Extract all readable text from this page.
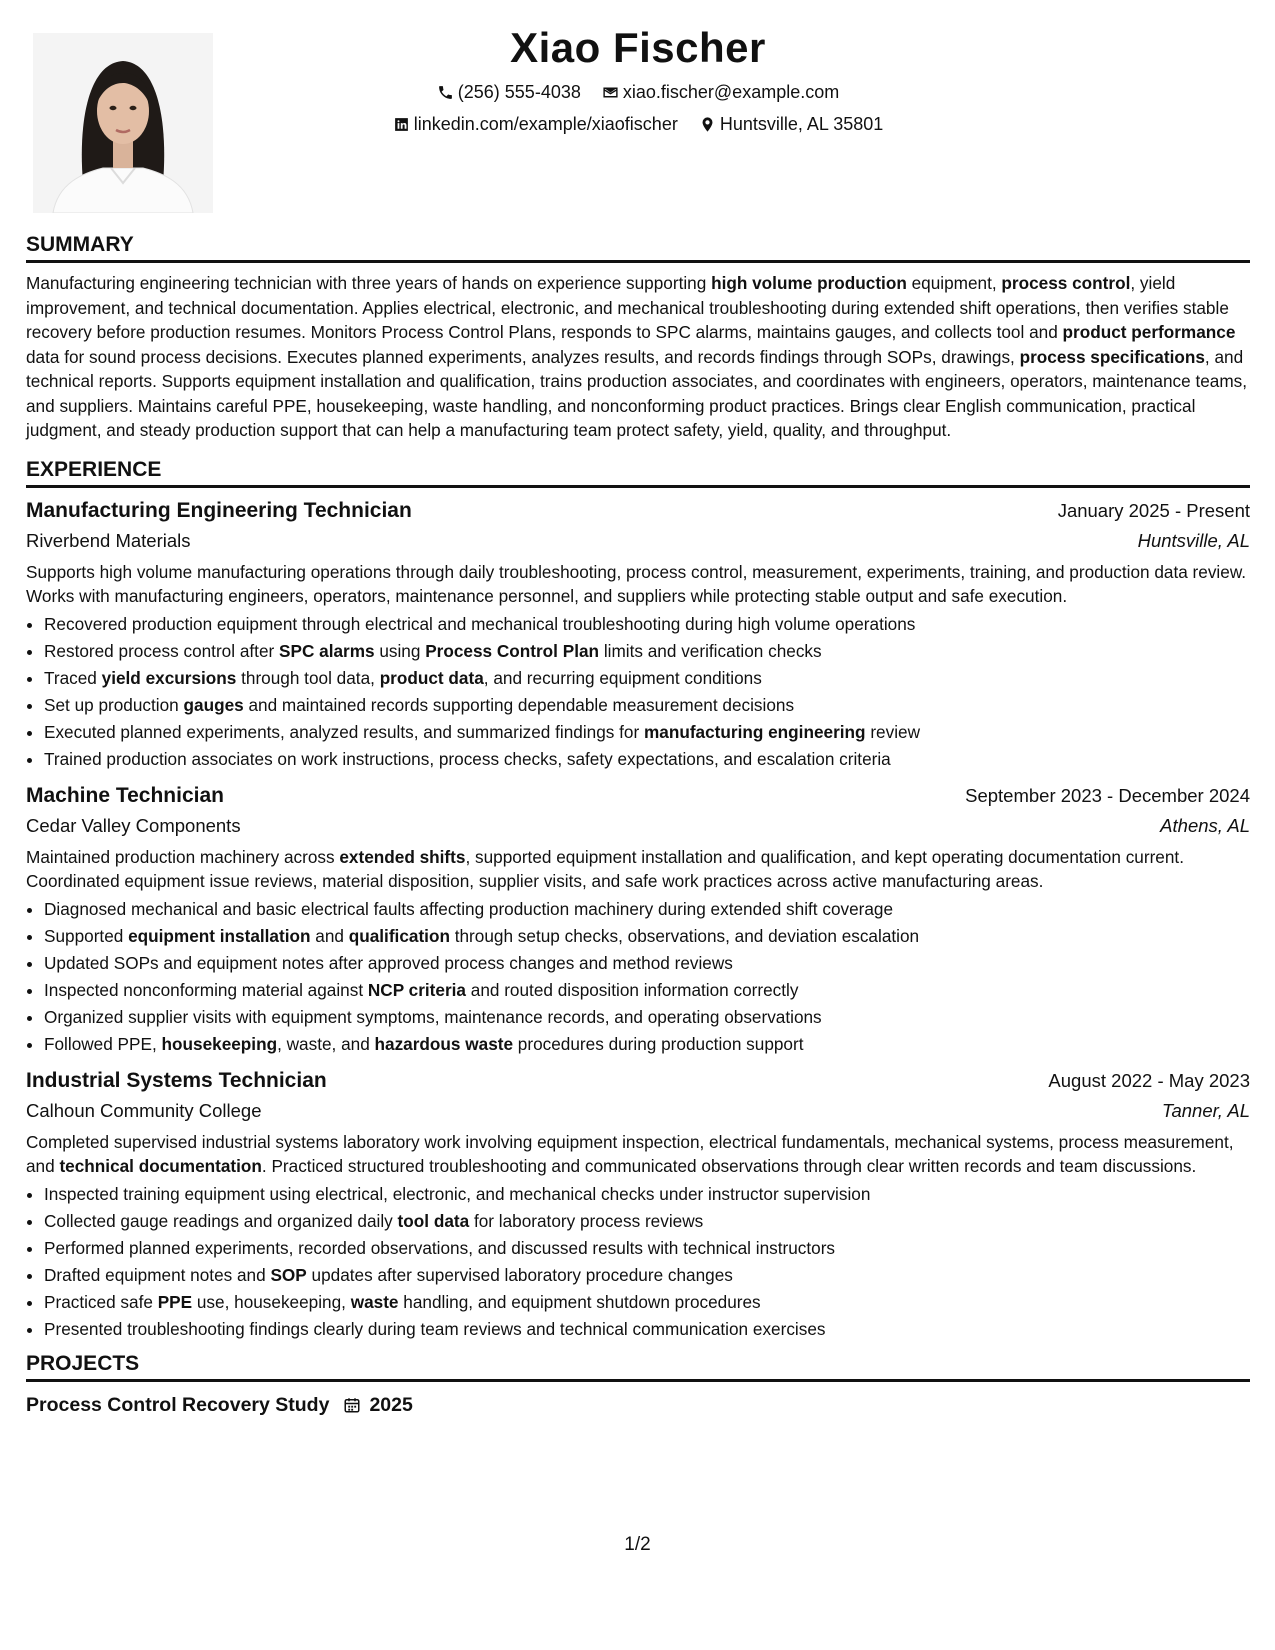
Xiao Fischer
(256) 555-4038
xiao.fischer@example.com
linkedin.com/example/xiaofischer
Huntsville, AL 35801
SUMMARY
Manufacturing engineering technician with three years of hands on experience supporting high volume production equipment, process control, yield improvement, and technical documentation. Applies electrical, electronic, and mechanical troubleshooting during extended shift operations, then verifies stable recovery before production resumes. Monitors Process Control Plans, responds to SPC alarms, maintains gauges, and collects tool and product performance data for sound process decisions. Executes planned experiments, analyzes results, and records findings through SOPs, drawings, process specifications, and technical reports. Supports equipment installation and qualification, trains production associates, and coordinates with engineers, operators, maintenance teams, and suppliers. Maintains careful PPE, housekeeping, waste handling, and nonconforming product practices. Brings clear English communication, practical judgment, and steady production support that can help a manufacturing team protect safety, yield, quality, and throughput.
EXPERIENCE
Manufacturing Engineering Technician	January 2025 - Present
Riverbend Materials	Huntsville, AL
Supports high volume manufacturing operations through daily troubleshooting, process control, measurement, experiments, training, and production data review. Works with manufacturing engineers, operators, maintenance personnel, and suppliers while protecting stable output and safe execution.
• Recovered production equipment through electrical and mechanical troubleshooting during high volume operations
• Restored process control after SPC alarms using Process Control Plan limits and verification checks
• Traced yield excursions through tool data, product data, and recurring equipment conditions
• Set up production gauges and maintained records supporting dependable measurement decisions
• Executed planned experiments, analyzed results, and summarized findings for manufacturing engineering review
• Trained production associates on work instructions, process checks, safety expectations, and escalation criteria
Machine Technician	September 2023 - December 2024
Cedar Valley Components	Athens, AL
Maintained production machinery across extended shifts, supported equipment installation and qualification, and kept operating documentation current. Coordinated equipment issue reviews, material disposition, supplier visits, and safe work practices across active manufacturing areas.
• Diagnosed mechanical and basic electrical faults affecting production machinery during extended shift coverage
• Supported equipment installation and qualification through setup checks, observations, and deviation escalation
• Updated SOPs and equipment notes after approved process changes and method reviews
• Inspected nonconforming material against NCP criteria and routed disposition information correctly
• Organized supplier visits with equipment symptoms, maintenance records, and operating observations
• Followed PPE, housekeeping, waste, and hazardous waste procedures during production support
Industrial Systems Technician	August 2022 - May 2023
Calhoun Community College	Tanner, AL
Completed supervised industrial systems laboratory work involving equipment inspection, electrical fundamentals, mechanical systems, process measurement, and technical documentation. Practiced structured troubleshooting and communicated observations through clear written records and team discussions.
• Inspected training equipment using electrical, electronic, and mechanical checks under instructor supervision
• Collected gauge readings and organized daily tool data for laboratory process reviews
• Performed planned experiments, recorded observations, and discussed results with technical instructors
• Drafted equipment notes and SOP updates after supervised laboratory procedure changes
• Practiced safe PPE use, housekeeping, waste handling, and equipment shutdown procedures
• Presented troubleshooting findings clearly during team reviews and technical communication exercises
PROJECTS
Process Control Recovery Study 2025
1/2
